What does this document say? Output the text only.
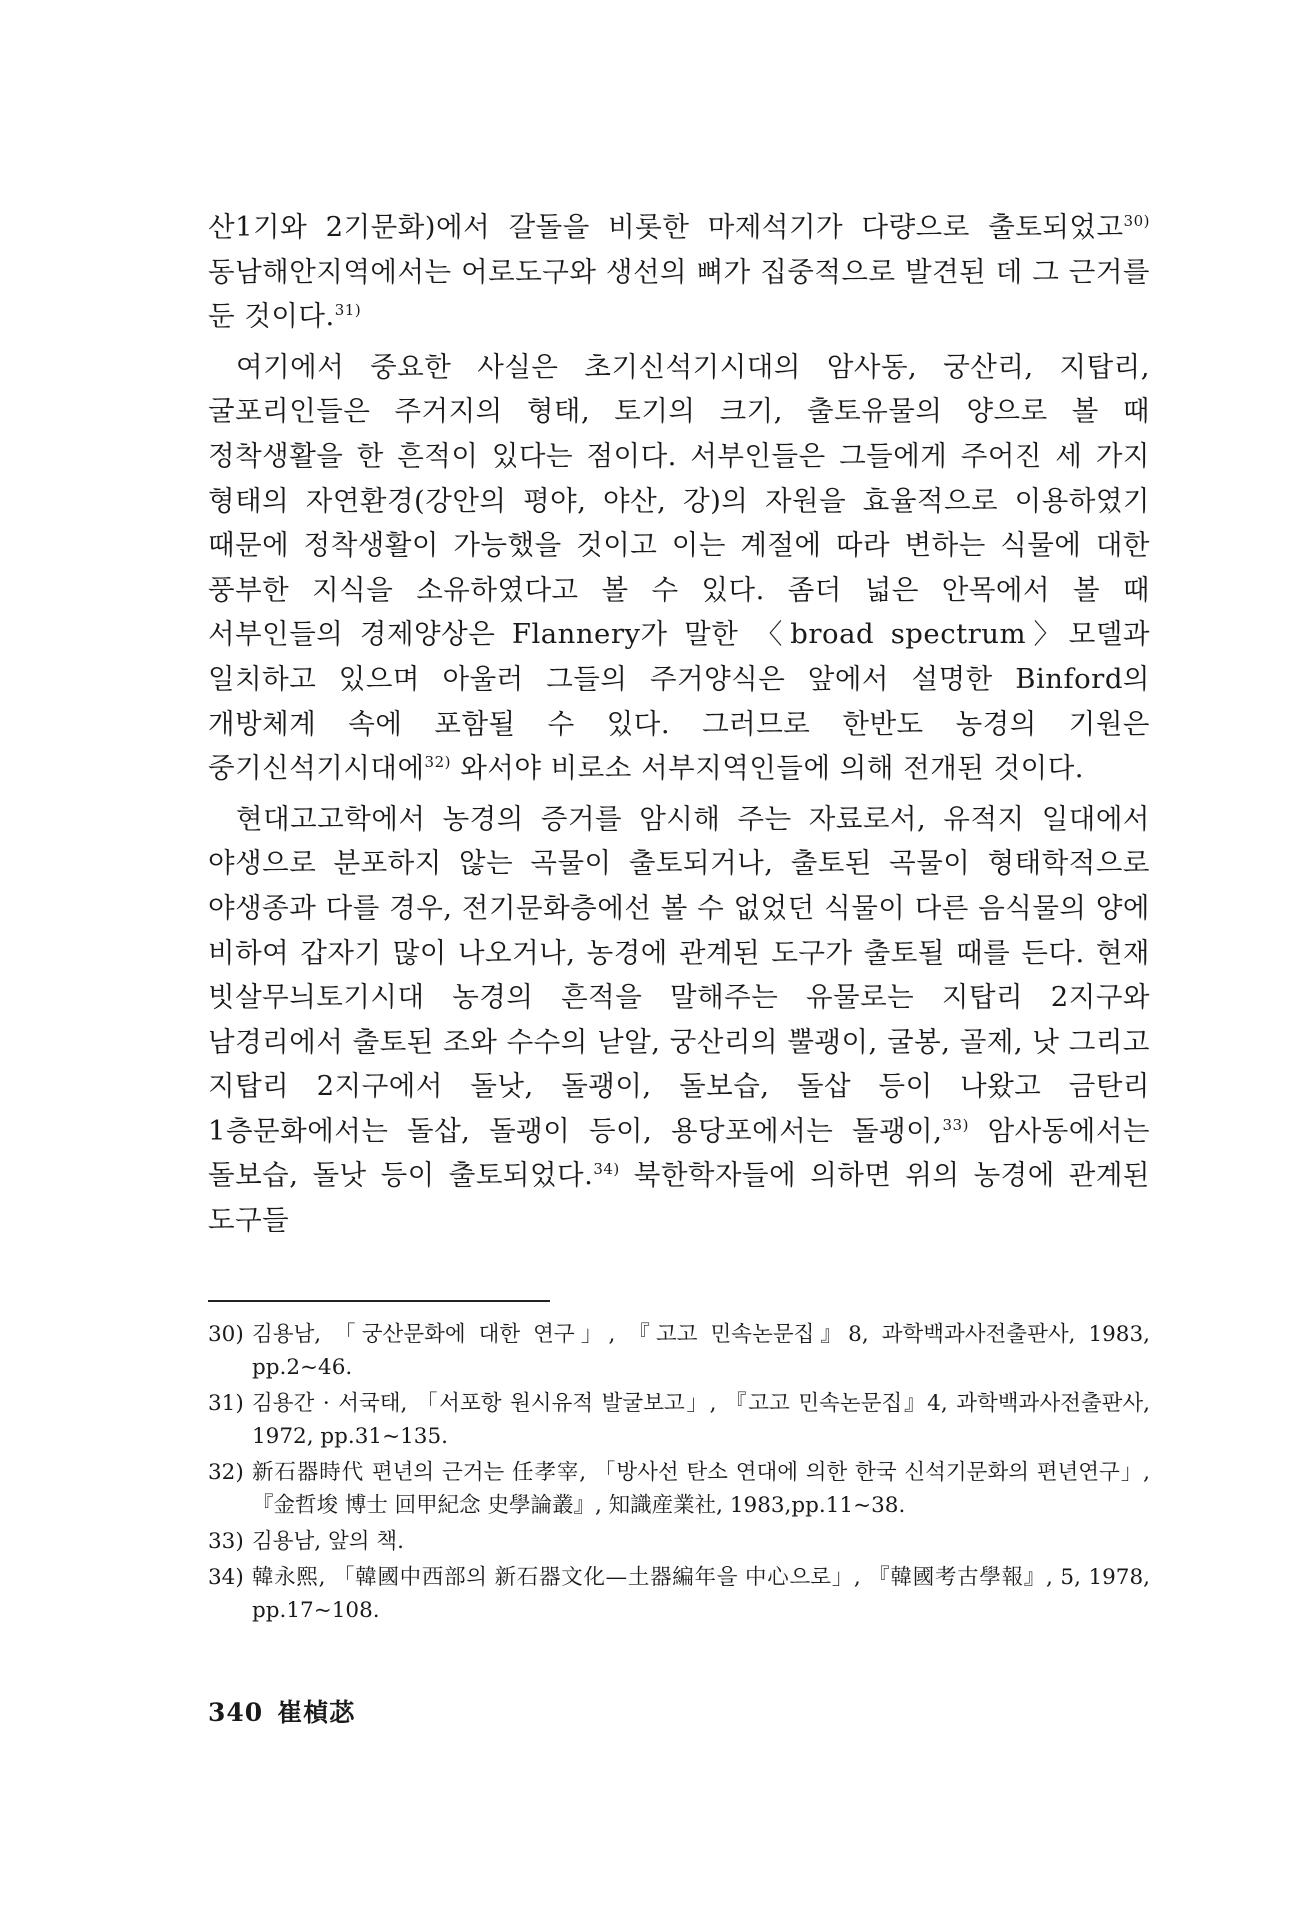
산1기와 2기문화)에서 갈돌을 비롯한 마제석기가 다량으로 출토되었고$^{30)}$ 동남해안지역에서는 어로도구와 생선의 뼈가 집중적으로 발견된 데 그 근거를 둔 것이다.$^{31)}$

여기에서 중요한 사실은 초기신석기시대의 암사동, 궁산리, 지탑리, 굴포리인들은 주거지의 형태, 토기의 크기, 출토유물의 양으로 볼 때 정착생활을 한 흔적이 있다는 점이다. 서부인들은 그들에게 주어진 세 가지 형태의 자연환경(강안의 평야, 야산, 강)의 자원을 효율적으로 이용하였기 때문에 정착생활이 가능했을 것이고 이는 계절에 따라 변하는 식물에 대한 풍부한 지식을 소유하였다고 볼 수 있다. 좀더 넓은 안목에서 볼 때 서부인들의 경제양상은 Flannery가 말한 〈broad spectrum〉모델과 일치하고 있으며 아울러 그들의 주거양식은 앞에서 설명한 Binford의 개방체계 속에 포함될 수 있다. 그러므로 한반도 농경의 기원은 중기신석기시대에$^{32)}$ 와서야 비로소 서부지역인들에 의해 전개된 것이다.

현대고고학에서 농경의 증거를 암시해 주는 자료로서, 유적지 일대에서 야생으로 분포하지 않는 곡물이 출토되거나, 출토된 곡물이 형태학적으로 야생종과 다를 경우, 전기문화층에선 볼 수 없었던 식물이 다른 음식물의 양에 비하여 갑자기 많이 나오거나, 농경에 관계된 도구가 출토될 때를 든다. 현재 빗살무늬토기시대 농경의 흔적을 말해주는 유물로는 지탑리 2지구와 남경리에서 출토된 조와 수수의 낟알, 궁산리의 뿔괭이, 굴봉, 골제, 낫 그리고 지탑리 2지구에서 돌낫, 돌괭이, 돌보습, 돌삽 등이 나왔고 금탄리 1층문화에서는 돌삽, 돌괭이 등이, 용당포에서는 돌괭이,$^{33)}$ 암사동에서는 돌보습, 돌낫 등이 출토되었다.$^{34)}$ 북한학자들에 의하면 위의 농경에 관계된 도구들

30) 김용남, 「궁산문화에 대한 연구」, 『고고 민속논문집』8, 과학백과사전출판사, 1983, pp.2~46.
31) 김용간 · 서국태, 「서포항 원시유적 발굴보고」, 『고고 민속논문집』4, 과학백과사전출판사, 1972, pp.31~135.
32) 新石器時代 편년의 근거는 任孝宰, 「방사선 탄소 연대에 의한 한국 신석기문화의 편년연구」, 『金哲埈 博士 回甲紀念 史學論叢』, 知識産業社, 1983,pp.11~38.
33) 김용남, 앞의 책.
34) 韓永熙, 「韓國中西部의 新石器文化—土器編年을 中心으로」, 『韓國考古學報』, 5, 1978, pp.17~108.
340 崔楨苾
